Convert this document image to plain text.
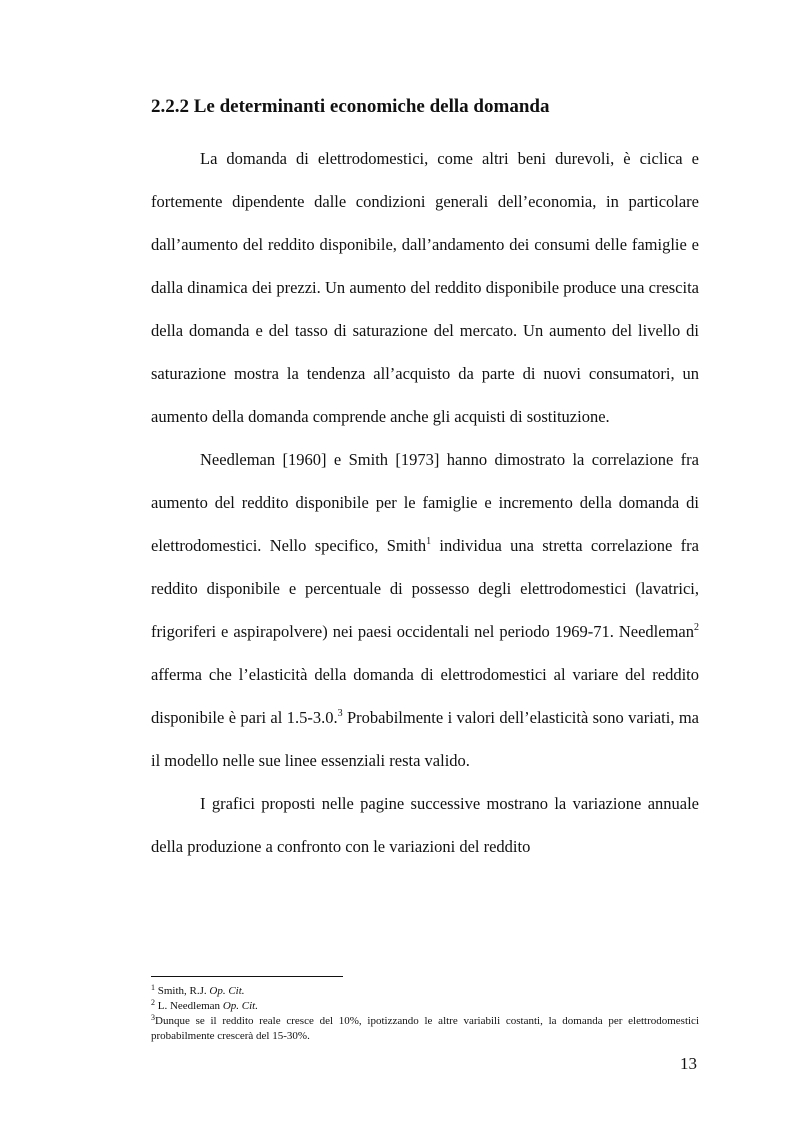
2.2.2 Le determinanti economiche della domanda

La domanda di elettrodomestici, come altri beni durevoli, è ciclica e fortemente dipendente dalle condizioni generali dell’economia, in particolare dall’aumento del reddito disponibile, dall’andamento dei consumi delle famiglie e dalla dinamica dei prezzi. Un aumento del reddito disponibile produce una crescita della domanda e del tasso di saturazione del mercato. Un aumento del livello di saturazione mostra la tendenza all’acquisto da parte di nuovi consumatori, un aumento della domanda comprende anche gli acquisti di sostituzione.

Needleman [1960] e Smith [1973] hanno dimostrato la correlazione fra aumento del reddito disponibile per le famiglie e incremento della domanda di elettrodomestici. Nello specifico, Smith$^1$ individua una stretta correlazione fra reddito disponibile e percentuale di possesso degli elettrodomestici (lavatrici, frigoriferi e aspirapolvere) nei paesi occidentali nel periodo 1969-71. Needleman$^2$ afferma che l’elasticità della domanda di elettrodomestici al variare del reddito disponibile è pari al 1.5-3.0.$^3$ Probabilmente i valori dell’elasticità sono variati, ma il modello nelle sue linee essenziali resta valido.

I grafici proposti nelle pagine successive mostrano la variazione annuale della produzione a confronto con le variazioni del reddito

$^1$ Smith, R.J. Op. Cit.

$^2$ L. Needleman Op. Cit.

$^3$Dunque se il reddito reale cresce del 10%, ipotizzando le altre variabili costanti, la domanda per elettrodomestici probabilmente crescerà del 15-30%.

13
